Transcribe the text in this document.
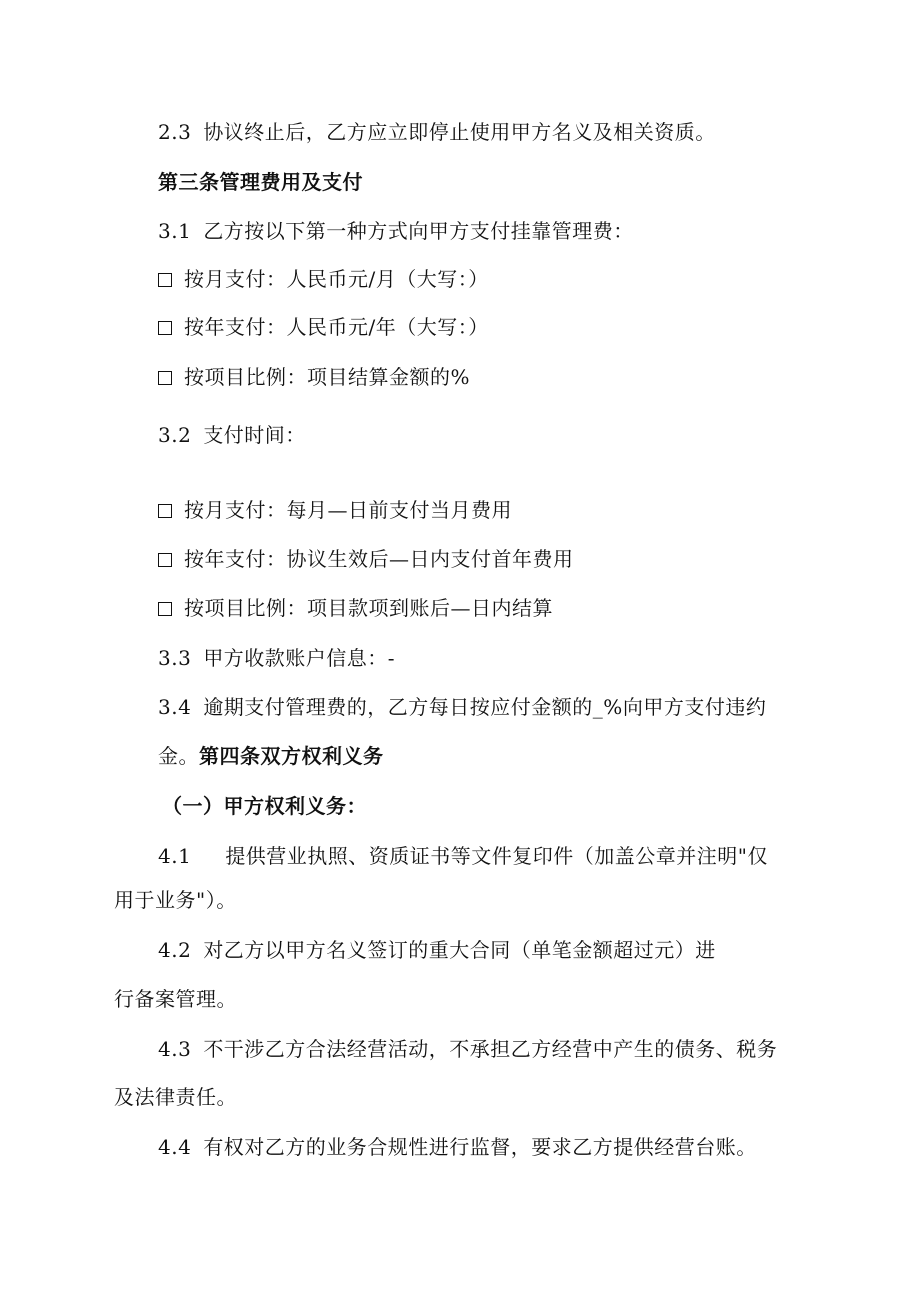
2.3 协议终止后，乙方应立即停止使用甲方名义及相关资质。
第三条管理费用及支付
3.1 乙方按以下第一种方式向甲方支付挂靠管理费：
按月支付：人民币元/月（大写：）
按年支付：人民币元/年（大写：）
按项目比例：项目结算金额的%
3.2 支付时间：
按月支付：每月—日前支付当月费用
按年支付：协议生效后—日内支付首年费用
按项目比例：项目款项到账后—日内结算
3.3 甲方收款账户信息：-
3.4 逾期支付管理费的，乙方每日按应付金额的_%向甲方支付违约
金。第四条双方权利义务
（一）甲方权利义务：
4.1 提供营业执照、资质证书等文件复印件（加盖公章并注明"仅
用于业务"）。
4.2 对乙方以甲方名义签订的重大合同（单笔金额超过元）进
行备案管理。
4.3 不干涉乙方合法经营活动，不承担乙方经营中产生的债务、税务
及法律责任。
4.4 有权对乙方的业务合规性进行监督，要求乙方提供经营台账。
